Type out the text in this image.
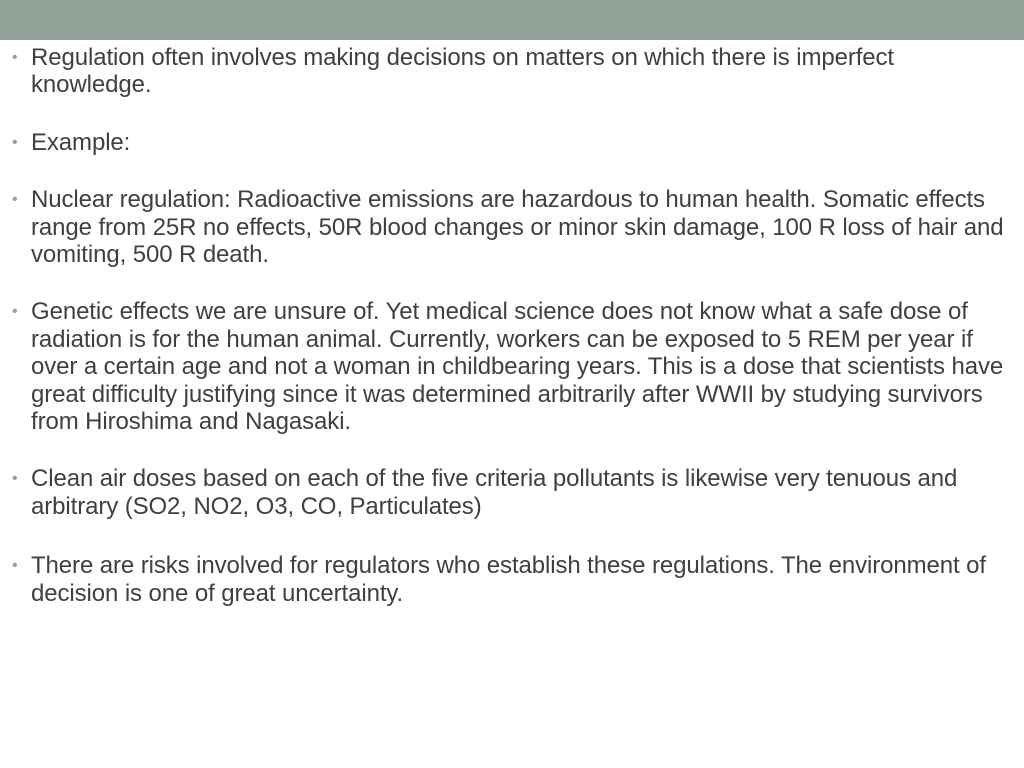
• Regulation often involves making decisions on matters on which there is imperfect knowledge.

• Example:

• Nuclear regulation: Radioactive emissions are hazardous to human health. Somatic effects range from 25R no effects, 50R blood changes or minor skin damage, 100 R loss of hair and vomiting, 500 R death.

• Genetic effects we are unsure of. Yet medical science does not know what a safe dose of radiation is for the human animal. Currently, workers can be exposed to 5 REM per year if over a certain age and not a woman in childbearing years. This is a dose that scientists have great difficulty justifying since it was determined arbitrarily after WWII by studying survivors from Hiroshima and Nagasaki.

• Clean air doses based on each of the five criteria pollutants is likewise very tenuous and arbitrary (SO2, NO2, O3, CO, Particulates)

• There are risks involved for regulators who establish these regulations. The environment of decision is one of great uncertainty.
